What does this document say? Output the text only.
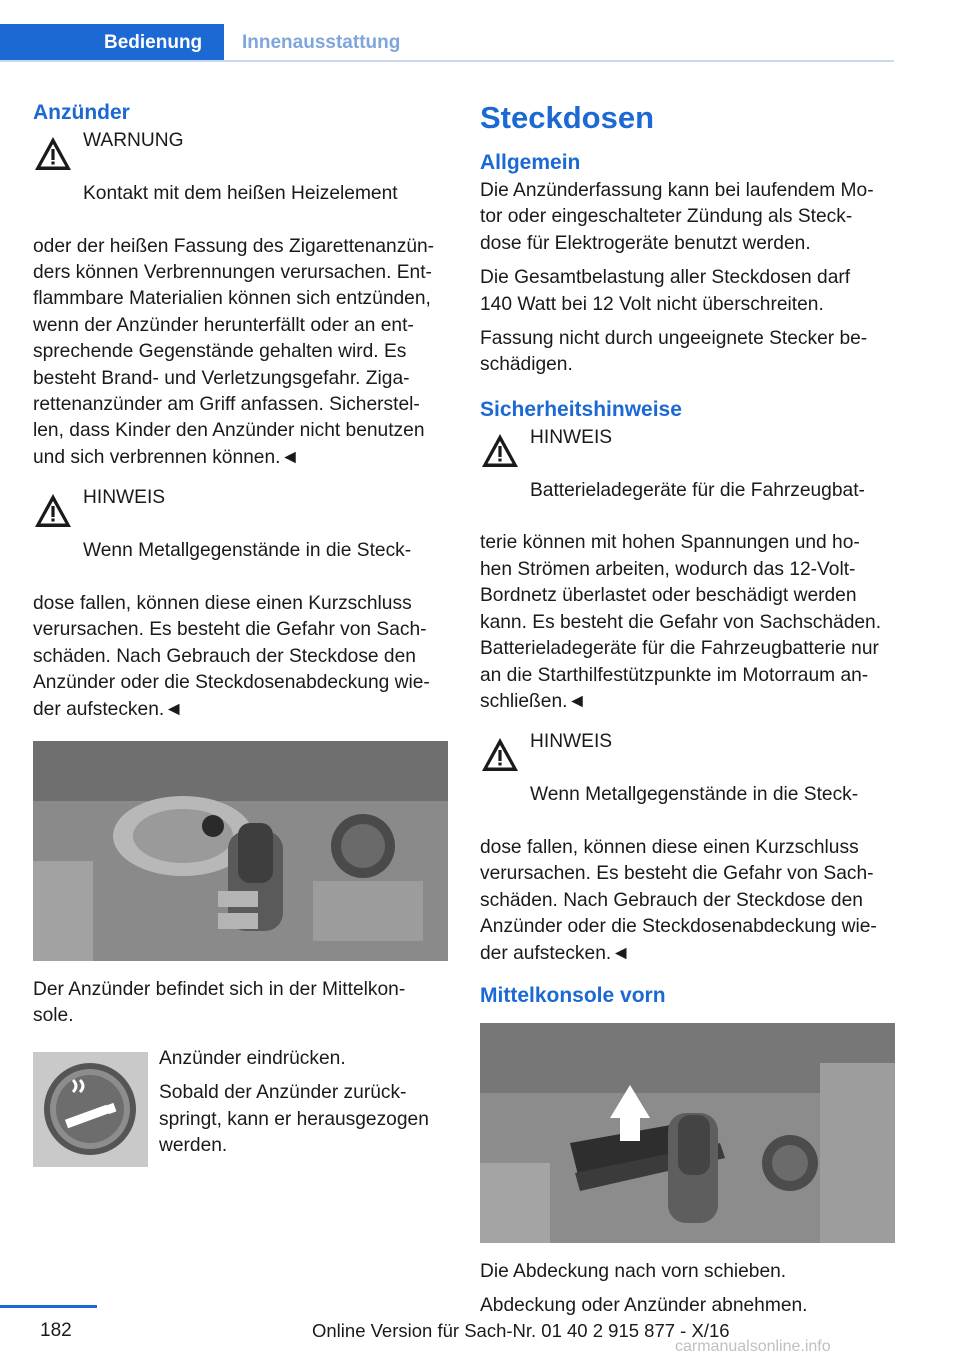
Bedienung	Innenausstattung
Anzünder

WARNUNG

Kontakt mit dem heißen Heizelement

oder der heißen Fassung des Zigarettenanzün-
ders können Verbrennungen verursachen. Ent-
flammbare Materialien können sich entzünden,
wenn der Anzünder herunterfällt oder an ent-
sprechende Gegenstände gehalten wird. Es
besteht Brand- und Verletzungsgefahr. Ziga-
rettenanzünder am Griff anfassen. Sicherstel-
len, dass Kinder den Anzünder nicht benutzen
und sich verbrennen können.◄

HINWEIS

Wenn Metallgegenstände in die Steck-

dose fallen, können diese einen Kurzschluss
verursachen. Es besteht die Gefahr von Sach-
schäden. Nach Gebrauch der Steckdose den
Anzünder oder die Steckdosenabdeckung wie-
der aufstecken.◄

Der Anzünder befindet sich in der Mittelkon-
sole.

Anzünder eindrücken.

Sobald der Anzünder zurück-
springt, kann er herausgezogen
werden.

Steckdosen
Allgemein

Die Anzünderfassung kann bei laufendem Mo-
tor oder eingeschalteter Zündung als Steck-
dose für Elektrogeräte benutzt werden.

Die Gesamtbelastung aller Steckdosen darf
140 Watt bei 12 Volt nicht überschreiten.

Fassung nicht durch ungeeignete Stecker be-
schädigen.

Sicherheitshinweise

HINWEIS

Batterieladegeräte für die Fahrzeugbat-

terie können mit hohen Spannungen und ho-
hen Strömen arbeiten, wodurch das 12-Volt-
Bordnetz überlastet oder beschädigt werden
kann. Es besteht die Gefahr von Sachschäden.
Batterieladegeräte für die Fahrzeugbatterie nur
an die Starthilfestützpunkte im Motorraum an-
schließen.◄

HINWEIS

Wenn Metallgegenstände in die Steck-

dose fallen, können diese einen Kurzschluss
verursachen. Es besteht die Gefahr von Sach-
schäden. Nach Gebrauch der Steckdose den
Anzünder oder die Steckdosenabdeckung wie-
der aufstecken.◄

Mittelkonsole vorn

Die Abdeckung nach vorn schieben.

Abdeckung oder Anzünder abnehmen.

182	Online Version für Sach-Nr. 01 40 2 915 877 - X/16
carmanualsonline.info
